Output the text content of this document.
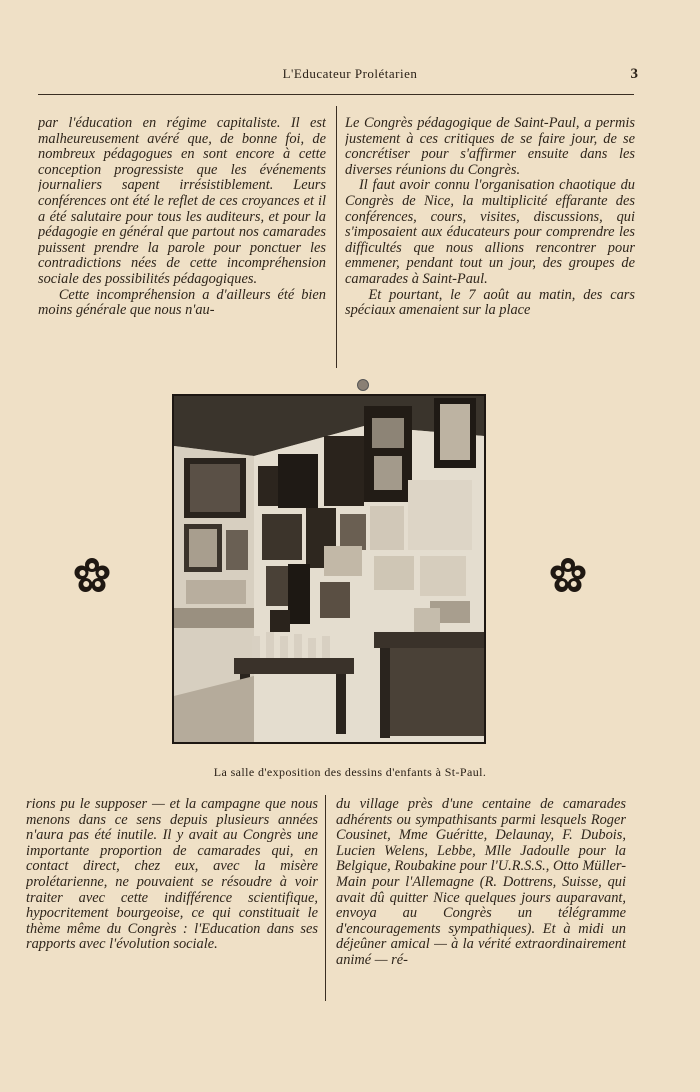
L'Educateur Prolétarien	3

par l'éducation en régime capitaliste. Il est malheureusement avéré que, de bonne foi, de nombreux pédagogues en sont encore à cette conception progressiste que les événements journaliers sapent irrésistiblement. Leurs conférences ont été le reflet de ces croyances et il a été salutaire pour tous les auditeurs, et pour la pédagogie en général que partout nos camarades puissent prendre la parole pour ponctuer les contradictions nées de cette incompréhension sociale des possibilités pédagogiques.
Cette incompréhension a d'ailleurs été bien moins générale que nous n'au-

Le Congrès pédagogique de Saint-Paul, a permis justement à ces critiques de se faire jour, de se concrétiser pour s'affirmer ensuite dans les diverses réunions du Congrès.
Il faut avoir connu l'organisation chaotique du Congrès de Nice, la multiplicité effarante des conférences, cours, visites, discussions, qui s'imposaient aux éducateurs pour comprendre les difficultés que nous allions rencontrer pour emmener, pendant tout un jour, des groupes de camarades à Saint-Paul.
Et pourtant, le 7 août au matin, des cars spéciaux amenaient sur la place

La salle d'exposition des dessins d'enfants à St-Paul.

rions pu le supposer — et la campagne que nous menons dans ce sens depuis plusieurs années n'aura pas été inutile. Il y avait au Congrès une importante proportion de camarades qui, en contact direct, chez eux, avec la misère prolétarienne, ne pouvaient se résoudre à voir traiter avec cette indifférence scientifique, hypocritement bourgeoise, ce qui constituait le thème même du Congrès : l'Education dans ses rapports avec l'évolution sociale.

du village près d'une centaine de camarades adhérents ou sympathisants parmi lesquels Roger Cousinet, Mme Guéritte, Delaunay, F. Dubois, Lucien Welens, Lebbe, Mlle Jadoulle pour la Belgique, Roubakine pour l'U.R.S.S., Otto Müller-Main pour l'Allemagne (R. Dottrens, Suisse, qui avait dû quitter Nice quelques jours auparavant, envoya au Congrès un télégramme d'encouragements sympathiques). Et à midi un déjeûner amical — à la vérité extraordinairement animé — ré-
